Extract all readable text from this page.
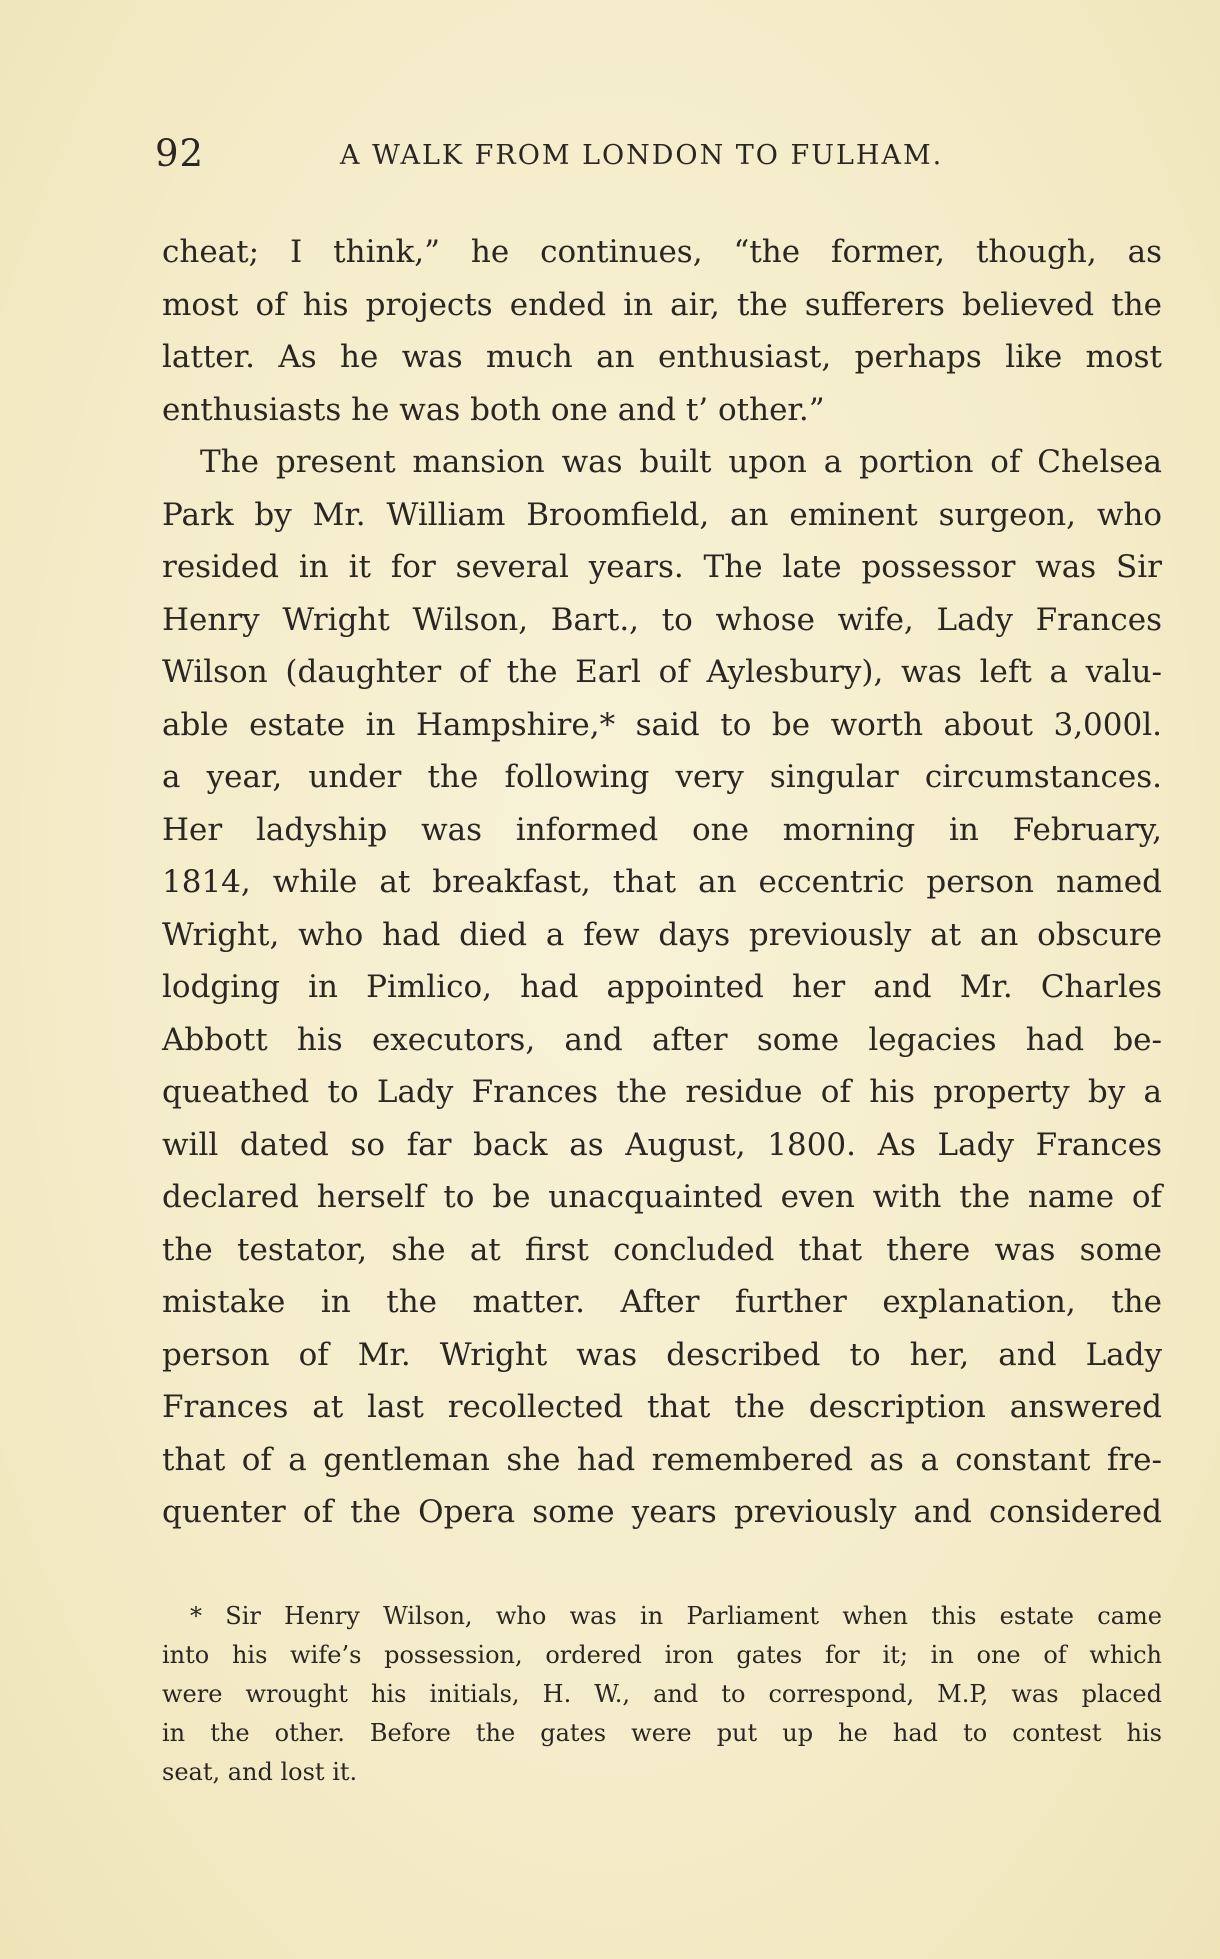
92	A WALK FROM LONDON TO FULHAM.
cheat; I think,” he continues, “the former, though, as
most of his projects ended in air, the sufferers believed the
latter. As he was much an enthusiast, perhaps like most
enthusiasts he was both one and t’ other.”
The present mansion was built upon a portion of Chelsea
Park by Mr. William Broomfield, an eminent surgeon, who
resided in it for several years. The late possessor was Sir
Henry Wright Wilson, Bart., to whose wife, Lady Frances
Wilson (daughter of the Earl of Aylesbury), was left a valu-
able estate in Hampshire,* said to be worth about 3,000l.
a year, under the following very singular circumstances.
Her ladyship was informed one morning in February,
1814, while at breakfast, that an eccentric person named
Wright, who had died a few days previously at an obscure
lodging in Pimlico, had appointed her and Mr. Charles
Abbott his executors, and after some legacies had be-
queathed to Lady Frances the residue of his property by a
will dated so far back as August, 1800. As Lady Frances
declared herself to be unacquainted even with the name of
the testator, she at first concluded that there was some
mistake in the matter. After further explanation, the
person of Mr. Wright was described to her, and Lady
Frances at last recollected that the description answered
that of a gentleman she had remembered as a constant fre-
quenter of the Opera some years previously and considered
* Sir Henry Wilson, who was in Parliament when this estate came
into his wife’s possession, ordered iron gates for it; in one of which
were wrought his initials, H. W., and to correspond, M.P, was placed
in the other. Before the gates were put up he had to contest his
seat, and lost it.
